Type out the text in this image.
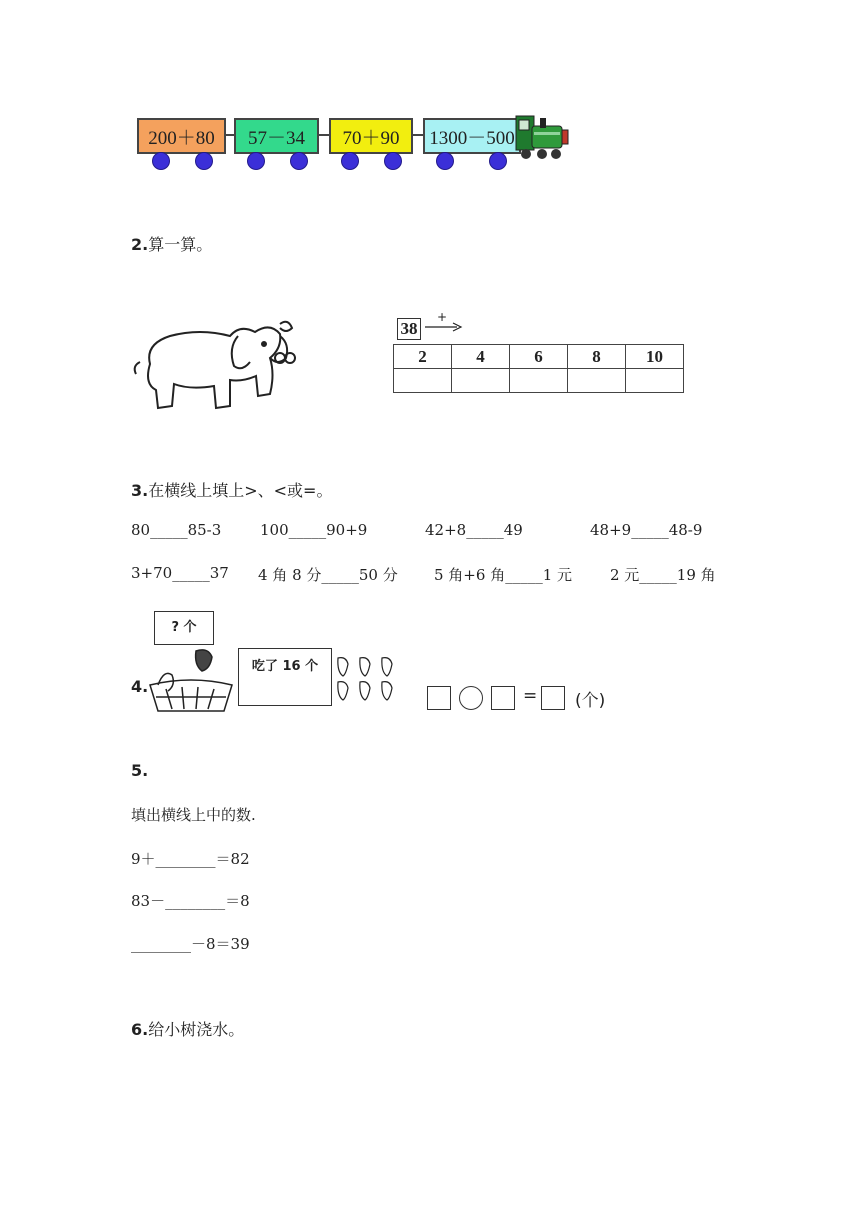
200＋80 57－34 70＋90 1300－500
2.算一算。
38
+
2	4	6	8	10

3.在横线上填上>、<或=。
80_____85-3	100_____90+9	42+8_____49	48+9_____48-9
3+70_____37 4 角 8 分_____50 分 5 角+6 角_____1 元	2 元_____19 角
4.
? 个
吃了 16 个
= (个)
5.
填出横线上中的数.
9＋________＝82
83－________＝8
________－8＝39
6.给小树浇水。
